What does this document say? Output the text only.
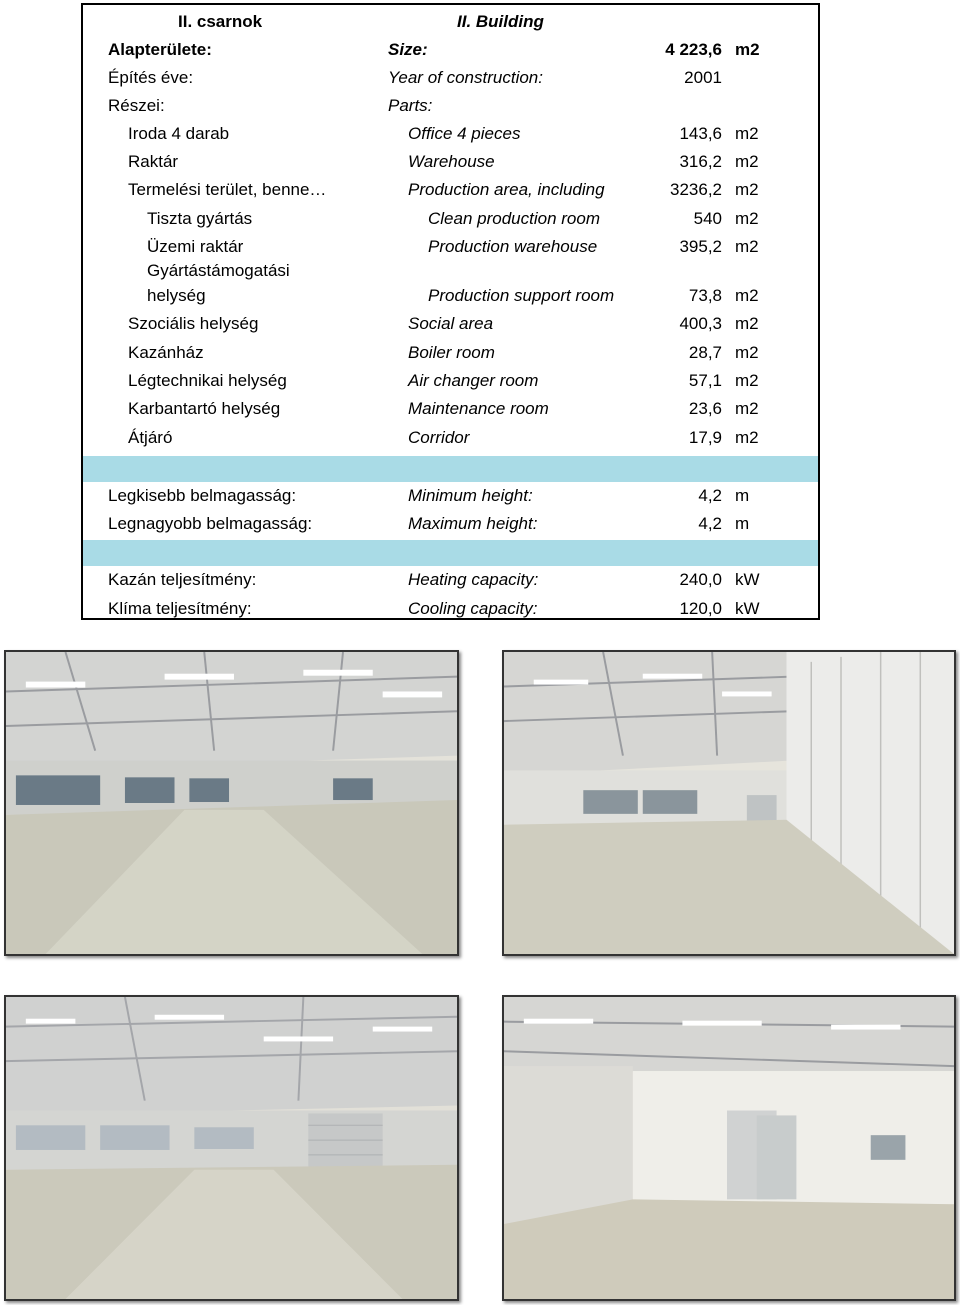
II. csarnok	II. Building
Alapterülete:	Size:	4 223,6 m2
Építés éve:	Year of construction:	2001
Részei:	Parts:
Iroda 4 darab	Office 4 pieces	143,6 m2
Raktár	Warehouse	316,2 m2
Termelési terület, benne…	Production area, including	3236,2 m2
Tiszta gyártás	Clean production room	540 m2
Üzemi raktár	Production warehouse	395,2 m2
Gyártástámogatási
helység	Production support room	73,8 m2
Szociális helység	Social area	400,3 m2
Kazánház	Boiler room	28,7 m2
Légtechnikai helység	Air changer room	57,1 m2
Karbantartó helység	Maintenance room	23,6 m2
Átjáró	Corridor	17,9 m2
Legkisebb belmagasság:	Minimum height:	4,2 m
Legnagyobb belmagasság:	Maximum height:	4,2 m
Kazán teljesítmény:	Heating capacity:	240,0 kW
Klíma teljesítmény:	Cooling capacity:	120,0 kW
